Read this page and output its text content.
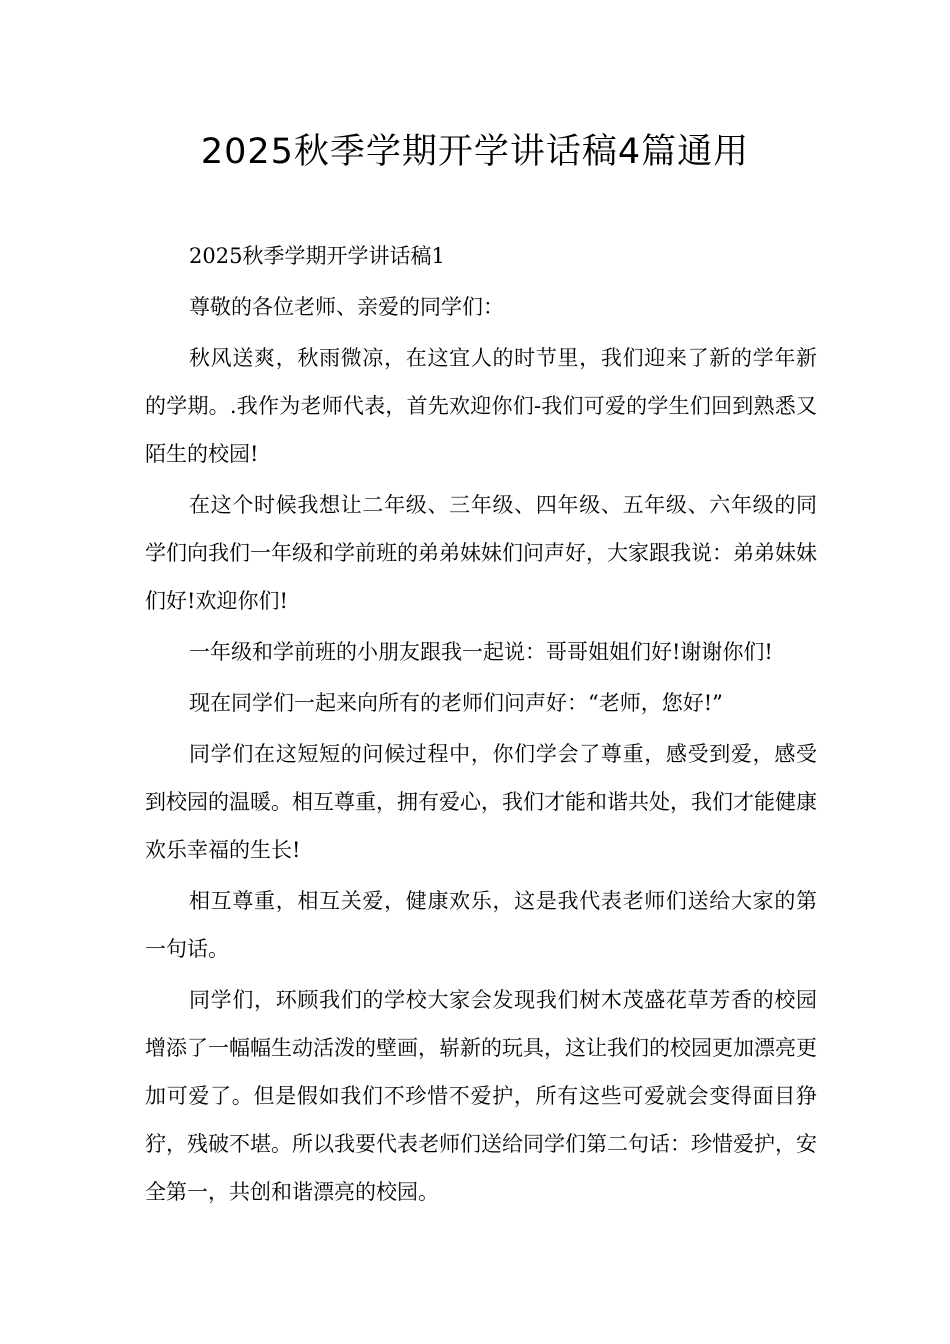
2025秋季学期开学讲话稿4篇通用

2025秋季学期开学讲话稿1

尊敬的各位老师、亲爱的同学们：

秋风送爽，秋雨微凉，在这宜人的时节里，我们迎来了新的学年新的学期。.我作为老师代表，首先欢迎你们-我们可爱的学生们回到熟悉又陌生的校园!

在这个时候我想让二年级、三年级、四年级、五年级、六年级的同学们向我们一年级和学前班的弟弟妹妹们问声好，大家跟我说：弟弟妹妹们好!欢迎你们!

一年级和学前班的小朋友跟我一起说：哥哥姐姐们好!谢谢你们!

现在同学们一起来向所有的老师们问声好：“老师，您好!”

同学们在这短短的问候过程中，你们学会了尊重，感受到爱，感受到校园的温暖。相互尊重，拥有爱心，我们才能和谐共处，我们才能健康欢乐幸福的生长!

相互尊重，相互关爱，健康欢乐，这是我代表老师们送给大家的第一句话。

同学们，环顾我们的学校大家会发现我们树木茂盛花草芳香的校园增添了一幅幅生动活泼的壁画，崭新的玩具，这让我们的校园更加漂亮更加可爱了。但是假如我们不珍惜不爱护，所有这些可爱就会变得面目狰狞，残破不堪。所以我要代表老师们送给同学们第二句话：珍惜爱护，安全第一，共创和谐漂亮的校园。
